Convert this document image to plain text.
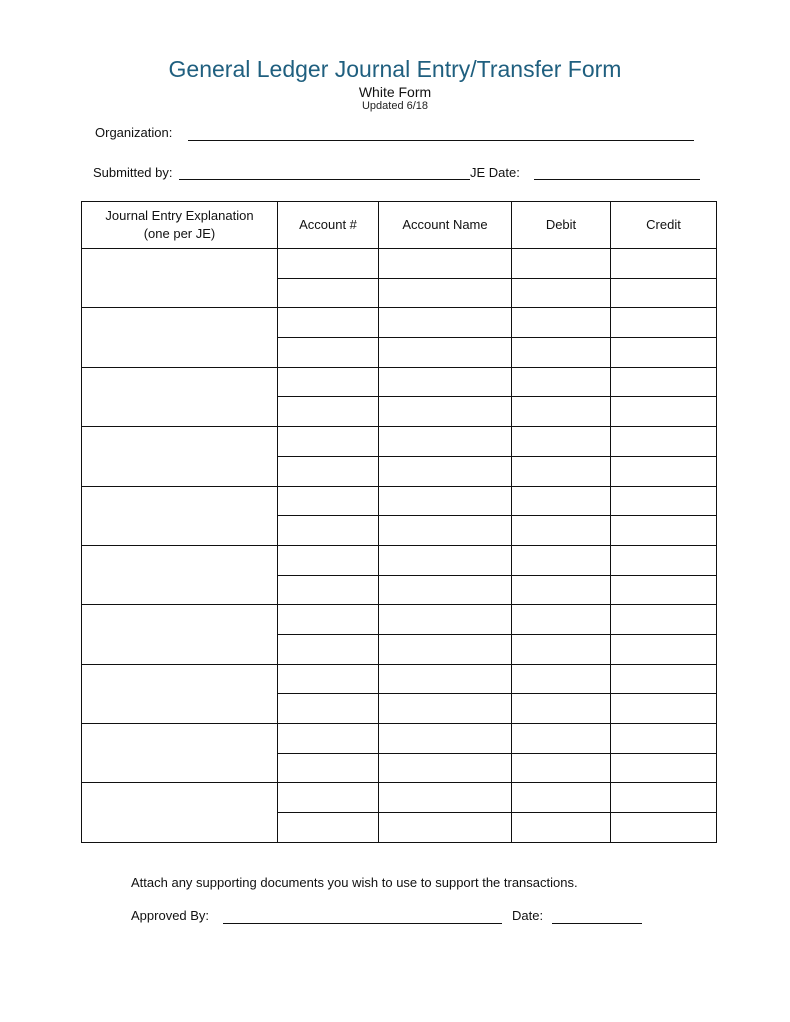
General Ledger Journal Entry/Transfer Form
White Form
Updated 6/18
Organization:
Submitted by:	JE Date:
Journal Entry Explanation
(one per JE)	Account #	Account Name	Debit	Credit

Attach any supporting documents you wish to use to support the transactions.
Approved By:	Date:
